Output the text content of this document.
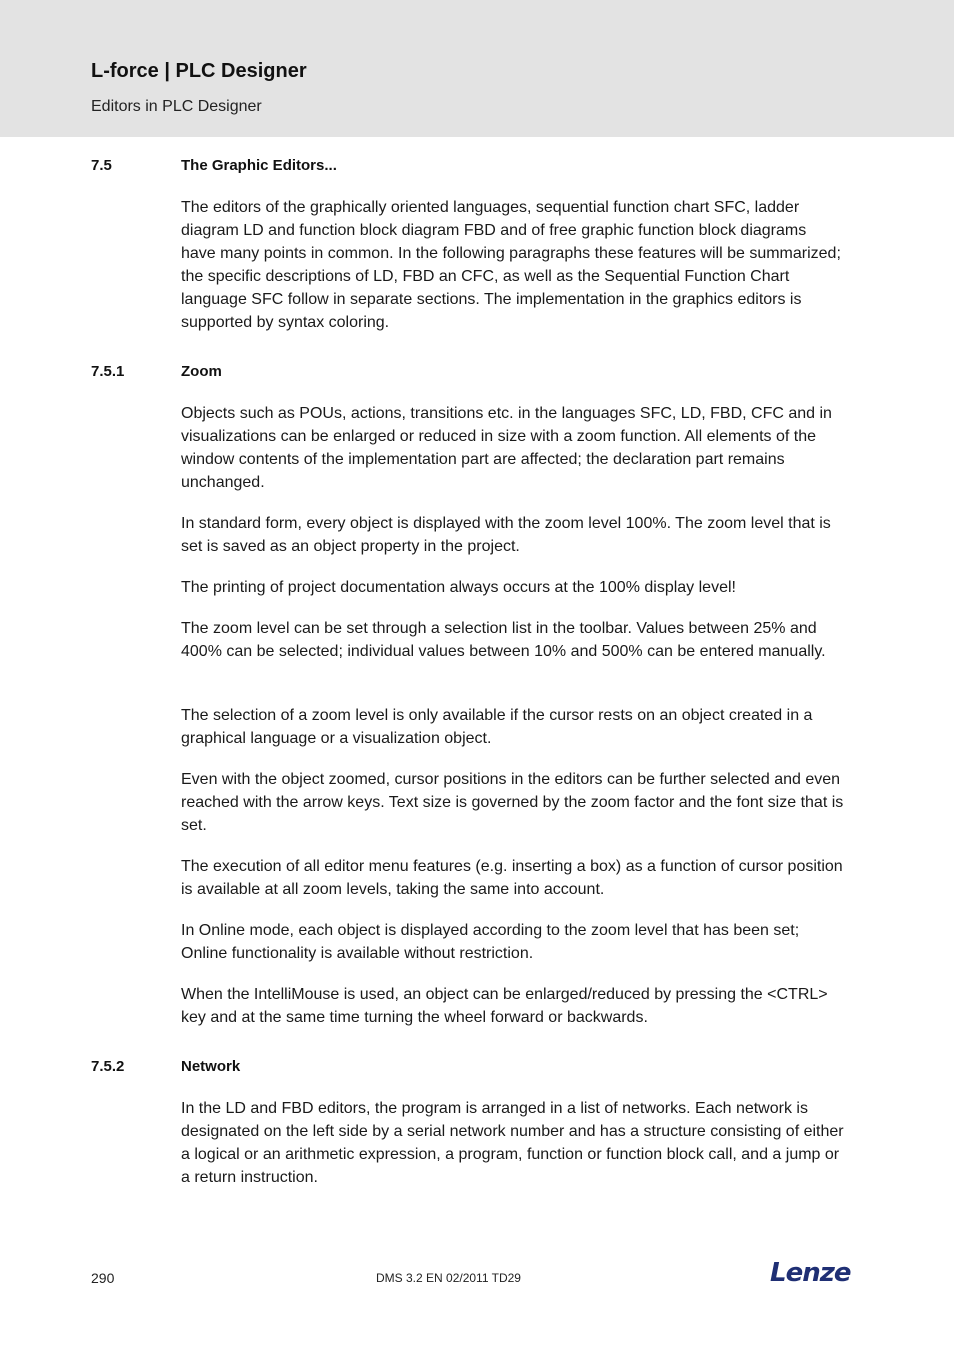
L-force | PLC Designer
Editors in PLC Designer
7.5	The Graphic Editors...
The editors of the graphically oriented languages, sequential function chart SFC, ladder diagram LD and function block diagram FBD and of free graphic function block diagrams have many points in common. In the following paragraphs these features will be summarized; the specific descriptions of LD, FBD an CFC, as well as the Sequential Function Chart language SFC follow in separate sections. The implementation in the graphics editors is supported by syntax coloring.
7.5.1	Zoom
Objects such as POUs, actions, transitions etc. in the languages SFC, LD, FBD, CFC and in visualizations can be enlarged or reduced in size with a zoom function. All elements of the window contents of the implementation part are affected; the declaration part remains unchanged.
In standard form, every object is displayed with the zoom level 100%. The zoom level that is set is saved as an object property in the project.
The printing of project documentation always occurs at the 100% display level!
The zoom level can be set through a selection list in the toolbar. Values between 25% and 400% can be selected; individual values between 10% and 500% can be entered manually.
The selection of a zoom level is only available if the cursor rests on an object created in a graphical language or a visualization object.
Even with the object zoomed, cursor positions in the editors can be further selected and even reached with the arrow keys. Text size is governed by the zoom factor and the font size that is set.
The execution of all editor menu features (e.g. inserting a box) as a function of cursor position is available at all zoom levels, taking the same into account.
In Online mode, each object is displayed according to the zoom level that has been set; Online functionality is available without restriction.
When the IntelliMouse is used, an object can be enlarged/reduced by pressing the <CTRL> key and at the same time turning the wheel forward or backwards.
7.5.2	Network
In the LD and FBD editors, the program is arranged in a list of networks. Each network is designated on the left side by a serial network number and has a structure consisting of either a logical or an arithmetic expression, a program, function or function block call, and a jump or a return instruction.
290	DMS 3.2 EN 02/2011 TD29	Lenze
